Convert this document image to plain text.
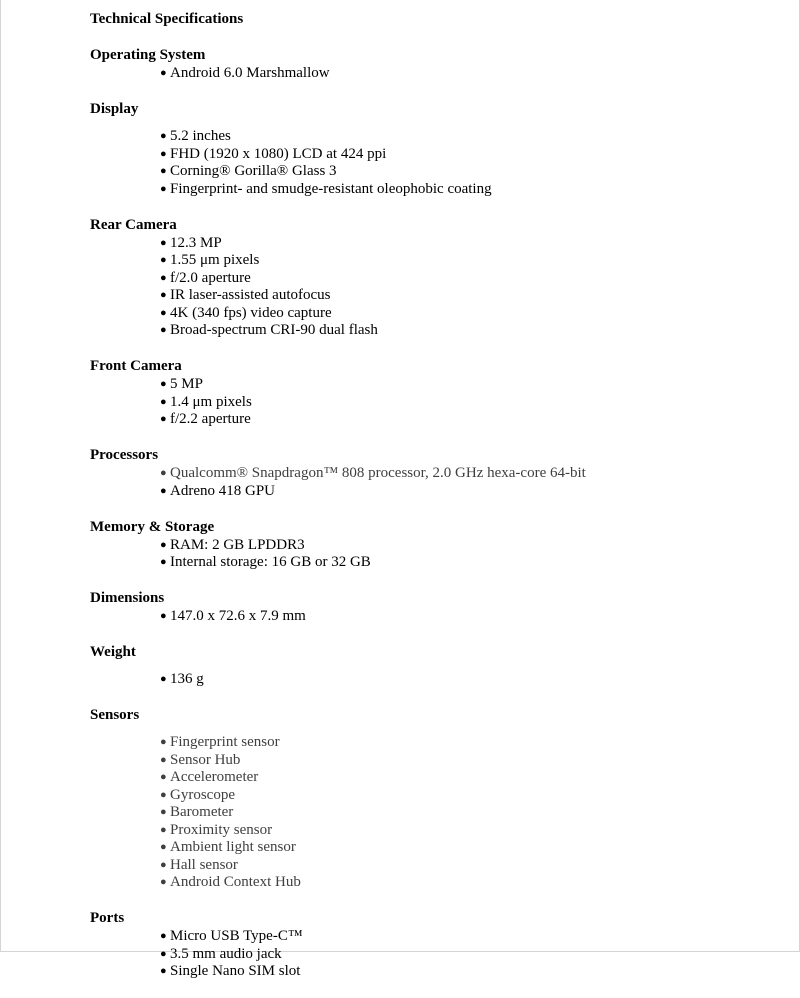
Technical Specifications
Operating System
● Android 6.0 Marshmallow
Display
● 5.2 inches
● FHD (1920 x 1080) LCD at 424 ppi
● Corning® Gorilla® Glass 3
● Fingerprint- and smudge-resistant oleophobic coating
Rear Camera
● 12.3 MP
● 1.55 μm pixels
● f/2.0 aperture
● IR laser-assisted autofocus
● 4K (340 fps) video capture
● Broad-spectrum CRI-90 dual flash
Front Camera
● 5 MP
● 1.4 μm pixels
● f/2.2 aperture
Processors
● Qualcomm® Snapdragon™ 808 processor, 2.0 GHz hexa-core 64-bit
● Adreno 418 GPU
Memory & Storage
● RAM: 2 GB LPDDR3
● Internal storage: 16 GB or 32 GB
Dimensions
● 147.0 x 72.6 x 7.9 mm
Weight
● 136 g
Sensors
● Fingerprint sensor
● Sensor Hub
● Accelerometer
● Gyroscope
● Barometer
● Proximity sensor
● Ambient light sensor
● Hall sensor
● Android Context Hub
Ports
● Micro USB Type-C™
● 3.5 mm audio jack
● Single Nano SIM slot
